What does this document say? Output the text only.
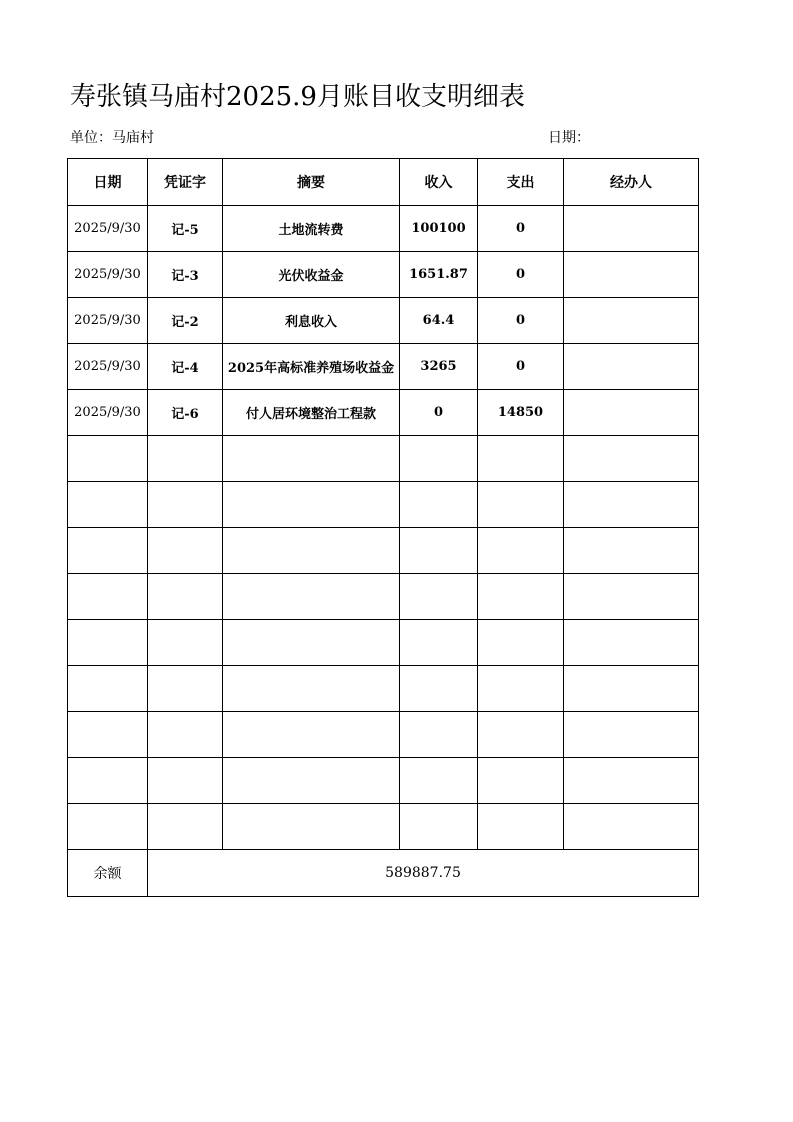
寿张镇马庙村2025.9月账目收支明细表
单位：马庙村	日期：
日期	凭证字	摘要	收入	支出	经办人
2025/9/30	记-5	土地流转费	100100	0	
2025/9/30	记-3	光伏收益金	1651.87	0	
2025/9/30	记-2	利息收入	64.4	0	
2025/9/30	记-4	2025年高标准养殖场收益金	3265	0	
2025/9/30	记-6	付人居环境整治工程款	0	14850	

余额	589887.75				
